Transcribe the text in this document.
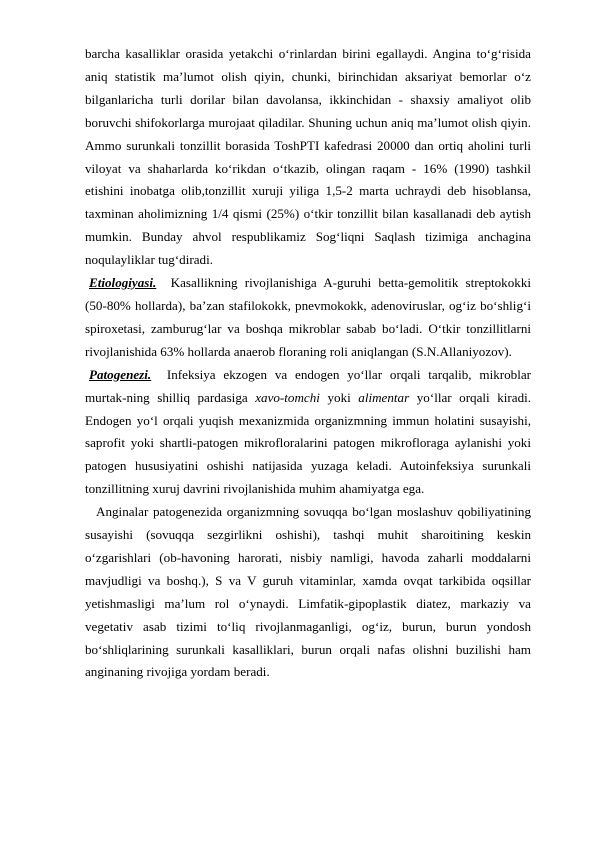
barcha kasalliklar orasida yetakchi o‘rinlardan birini egallaydi. Angina to‘g‘risida aniq statistik ma’lumot olish qiyin, chunki, birinchidan aksariyat bemorlar o‘z bilganlaricha turli dorilar bilan davolansa, ikkinchidan - shaxsiy amaliyot olib boruvchi shifokorlarga murojaat qiladilar. Shuning uchun aniq ma’lumot olish qiyin. Ammo surunkali tonzillit borasida ToshPTI kafedrasi 20000 dan ortiq aholini turli viloyat va shaharlarda ko‘rikdan o‘tkazib, olingan raqam - 16% (1990) tashkil etishini inobatga olib,tonzillit xuruji yiliga 1,5-2 marta uchraydi deb hisoblansa, taxminan aholimizning 1/4 qismi (25%) o‘tkir tonzillit bilan kasallanadi deb aytish mumkin. Bunday ahvol respublikamiz Sog‘liqni Saqlash tizimiga anchagina noqulayliklar tug‘diradi.

Etiologiyasi. Kasallikning rivojlanishiga A-guruhi betta-gemolitik streptokokki (50-80% hollarda), ba’zan stafilokokk, pnevmokokk, adenoviruslar, og‘iz bo‘shlig‘i spiroxetasi, zamburug‘lar va boshqa mikroblar sabab bo‘ladi. O‘tkir tonzillitlarni rivojlanishida 63% hollarda anaerob floraning roli aniqlangan (S.N.Allaniyozov).

Patogenezi. Infeksiya ekzogen va endogen yo‘llar orqali tarqalib, mikroblar murtak-ning shilliq pardasiga xavo-tomchi yoki alimentar yo‘llar orqali kiradi. Endogen yo‘l orqali yuqish mexanizmida organizmning immun holatini susayishi, saprofit yoki shartli-patogen mikrofloralarini patogen mikrofloraga aylanishi yoki patogen hususiyatini oshishi natijasida yuzaga keladi. Autoinfeksiya surunkali tonzillitning xuruj davrini rivojlanishida muhim ahamiyatga ega.

Anginalar patogenezida organizmning sovuqqa bo‘lgan moslashuv qobiliyatining susayishi (sovuqqa sezgirlikni oshishi), tashqi muhit sharoitining keskin o‘zgarishlari (ob-havoning harorati, nisbiy namligi, havoda zaharli moddalarni mavjudligi va boshq.), S va V guruh vitaminlar, xamda ovqat tarkibida oqsillar yetishmasligi ma’lum rol o‘ynaydi. Limfatik-gipoplastik diatez, markaziy va vegetativ asab tizimi to‘liq rivojlanmaganligi, og‘iz, burun, burun yondosh bo‘shliqlarining surunkali kasalliklari, burun orqali nafas olishni buzilishi ham anginaning rivojiga yordam beradi.
